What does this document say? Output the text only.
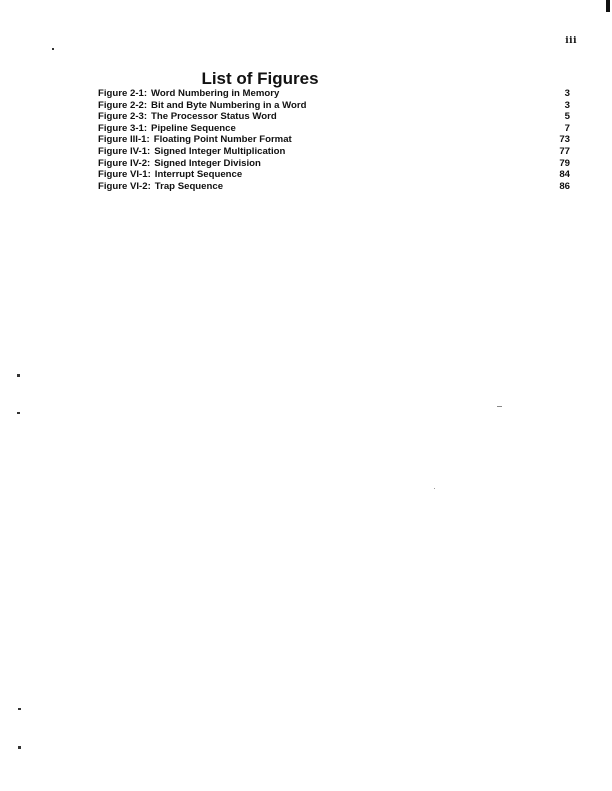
iii
List of Figures
Figure 2-1: Word Numbering in Memory	3
Figure 2-2: Bit and Byte Numbering in a Word	3
Figure 2-3: The Processor Status Word	5
Figure 3-1: Pipeline Sequence	7
Figure III-1: Floating Point Number Format	73
Figure IV-1: Signed Integer Multiplication	77
Figure IV-2: Signed Integer Division	79
Figure VI-1: Interrupt Sequence	84
Figure VI-2: Trap Sequence	86
